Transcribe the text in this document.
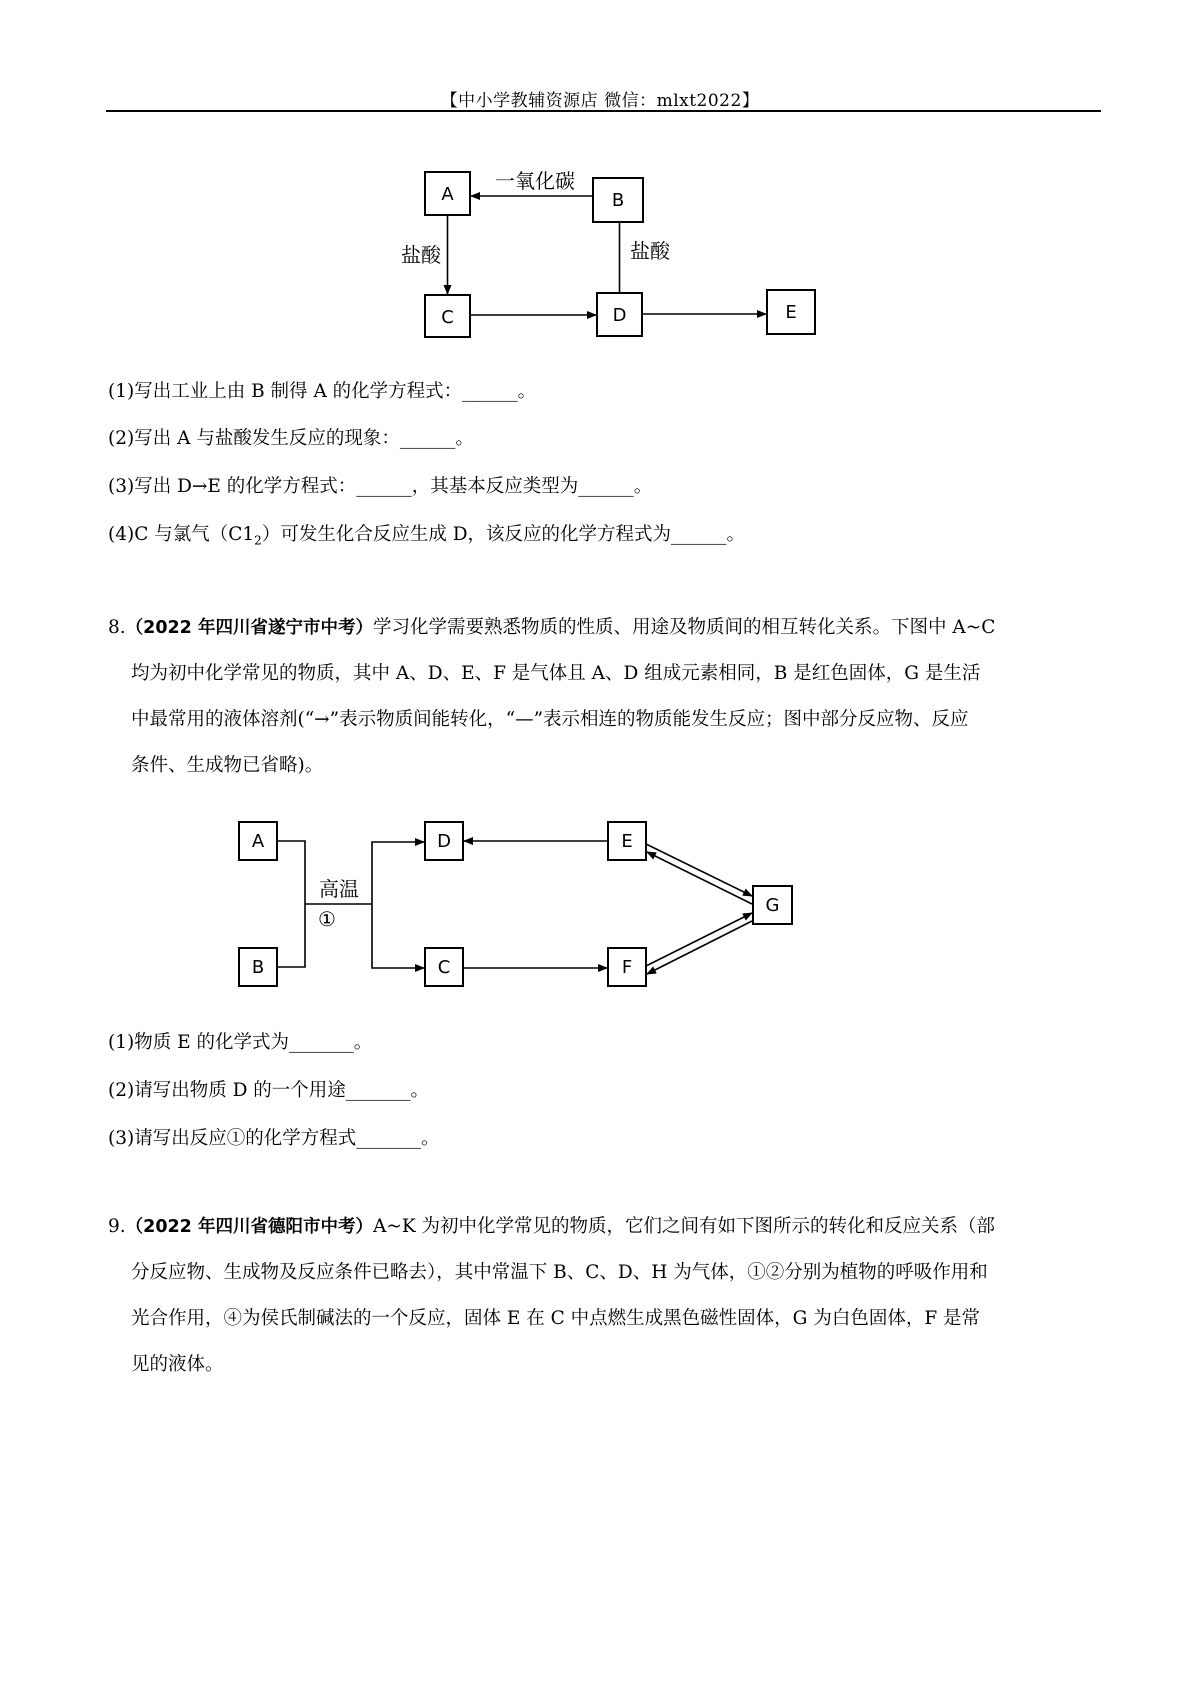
【中小学教辅资源店 微信：mlxt2022】
A	B
C	D	E
一氧化碳
盐酸	盐酸
(1)写出工业上由 B 制得 A 的化学方程式：______。
(2)写出 A 与盐酸发生反应的现象：______。
(3)写出 D→E 的化学方程式：______，其基本反应类型为______。
(4)C 与氯气$(C1_2)$可发生化合反应生成 D，该反应的化学方程式为______。
8.（2022 年四川省遂宁市中考）学习化学需要熟悉物质的性质、用途及物质间的相互转化关系。下图中 A~C
均为初中化学常见的物质，其中 A、D、E、F 是气体且 A、D 组成元素相同，B 是红色固体，G 是生活
中最常用的液体溶剂(“→”表示物质间能转化，“—”表示相连的物质能发生反应；图中部分反应物、反应
条件、生成物已省略)。
A
B
D
C
E
F
G
高温
①
(1)物质 E 的化学式为_______。
(2)请写出物质 D 的一个用途_______。
(3)请写出反应①的化学方程式_______。
9.（2022 年四川省德阳市中考）A~K 为初中化学常见的物质，它们之间有如下图所示的转化和反应关系（部
分反应物、生成物及反应条件已略去），其中常温下 B、C、D、H 为气体，①②分别为植物的呼吸作用和
光合作用，④为侯氏制碱法的一个反应，固体 E 在 C 中点燃生成黑色磁性固体，G 为白色固体，F 是常
见的液体。
